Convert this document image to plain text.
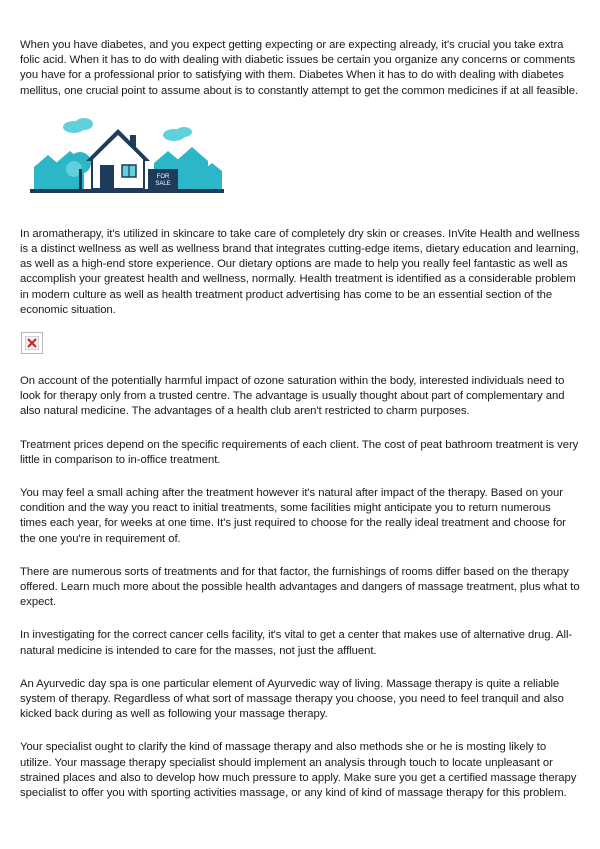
When you have diabetes, and you expect getting expecting or are expecting already, it's crucial you take extra folic acid. When it has to do with dealing with diabetic issues be certain you organize any concerns or comments you have for a professional prior to satisfying with them. Diabetes When it has to do with dealing with diabetes mellitus, one crucial point to assume about is to constantly attempt to get the common medicines if at all feasible.

FOR
SALE

In aromatherapy, it's utilized in skincare to take care of completely dry skin or creases. InVite Health and wellness is a distinct wellness as well as wellness brand that integrates cutting-edge items, dietary education and learning, as well as a high-end store experience. Our dietary options are made to help you really feel fantastic as well as accomplish your greatest health and wellness, normally. Health treatment is identified as a considerable problem in modern culture as well as health treatment product advertising has come to be an essential section of the economic situation.

On account of the potentially harmful impact of ozone saturation within the body, interested individuals need to look for therapy only from a trusted centre. The advantage is usually thought about part of complementary and also natural medicine. The advantages of a health club aren't restricted to charm purposes.

Treatment prices depend on the specific requirements of each client. The cost of peat bathroom treatment is very little in comparison to in-office treatment.

You may feel a small aching after the treatment however it's natural after impact of the therapy. Based on your condition and the way you react to initial treatments, some facilities might anticipate you to return numerous times each year, for weeks at one time. It's just required to choose for the really ideal treatment and choose for the one you're in requirement of.

There are numerous sorts of treatments and for that factor, the furnishings of rooms differ based on the therapy offered. Learn much more about the possible health advantages and dangers of massage treatment, plus what to expect.

In investigating for the correct cancer cells facility, it's vital to get a center that makes use of alternative drug. All-natural medicine is intended to care for the masses, not just the affluent.

An Ayurvedic day spa is one particular element of Ayurvedic way of living. Massage therapy is quite a reliable system of therapy. Regardless of what sort of massage therapy you choose, you need to feel tranquil and also kicked back during as well as following your massage therapy.

Your specialist ought to clarify the kind of massage therapy and also methods she or he is mosting likely to utilize. Your massage therapy specialist should implement an analysis through touch to locate unpleasant or strained places and also to develop how much pressure to apply. Make sure you get a certified massage therapy specialist to offer you with sporting activities massage, or any kind of kind of massage therapy for this problem.
